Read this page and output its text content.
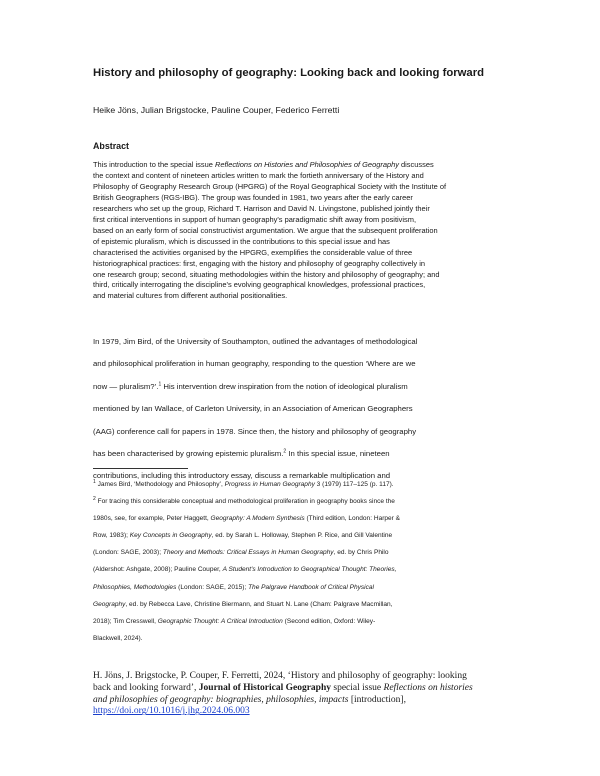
History and philosophy of geography: Looking back and looking forward
Heike Jöns, Julian Brigstocke, Pauline Couper, Federico Ferretti
Abstract
This introduction to the special issue Reflections on Histories and Philosophies of Geography discusses
the context and content of nineteen articles written to mark the fortieth anniversary of the History and
Philosophy of Geography Research Group (HPGRG) of the Royal Geographical Society with the Institute of
British Geographers (RGS-IBG). The group was founded in 1981, two years after the early career
researchers who set up the group, Richard T. Harrison and David N. Livingstone, published jointly their
first critical interventions in support of human geography's paradigmatic shift away from positivism,
based on an early form of social constructivist argumentation. We argue that the subsequent proliferation
of epistemic pluralism, which is discussed in the contributions to this special issue and has
characterised the activities organised by the HPGRG, exemplifies the considerable value of three
historiographical practices: first, engaging with the history and philosophy of geography collectively in
one research group; second, situating methodologies within the history and philosophy of geography; and
third, critically interrogating the discipline's evolving geographical knowledges, professional practices,
and material cultures from different authorial positionalities.
In 1979, Jim Bird, of the University of Southampton, outlined the advantages of methodological
and philosophical proliferation in human geography, responding to the question ‘Where are we
now — pluralism?’.$^1$ His intervention drew inspiration from the notion of ideological pluralism
mentioned by Ian Wallace, of Carleton University, in an Association of American Geographers
(AAG) conference call for papers in 1978. Since then, the history and philosophy of geography
has been characterised by growing epistemic pluralism.$^2$ In this special issue, nineteen
contributions, including this introductory essay, discuss a remarkable multiplication and
$^1$ James Bird, ‘Methodology and Philosophy’, Progress in Human Geography 3 (1979) 117–125 (p. 117).
$^2$ For tracing this considerable conceptual and methodological proliferation in geography books since the
1980s, see, for example, Peter Haggett, Geography: A Modern Synthesis (Third edition, London: Harper &
Row, 1983); Key Concepts in Geography, ed. by Sarah L. Holloway, Stephen P. Rice, and Gill Valentine
(London: SAGE, 2003); Theory and Methods: Critical Essays in Human Geography, ed. by Chris Philo
(Aldershot: Ashgate, 2008); Pauline Couper, A Student's Introduction to Geographical Thought: Theories,
Philosophies, Methodologies (London: SAGE, 2015); The Palgrave Handbook of Critical Physical
Geography, ed. by Rebecca Lave, Christine Biermann, and Stuart N. Lane (Cham: Palgrave Macmillan,
2018); Tim Cresswell, Geographic Thought: A Critical Introduction (Second edition, Oxford: Wiley-
Blackwell, 2024).
H. Jöns, J. Brigstocke, P. Couper, F. Ferretti, 2024, ‘History and philosophy of geography: looking
back and looking forward’, Journal of Historical Geography special issue Reflections on histories
and philosophies of geography: biographies, philosophies, impacts [introduction],
https://doi.org/10.1016/j.jhg.2024.06.003
